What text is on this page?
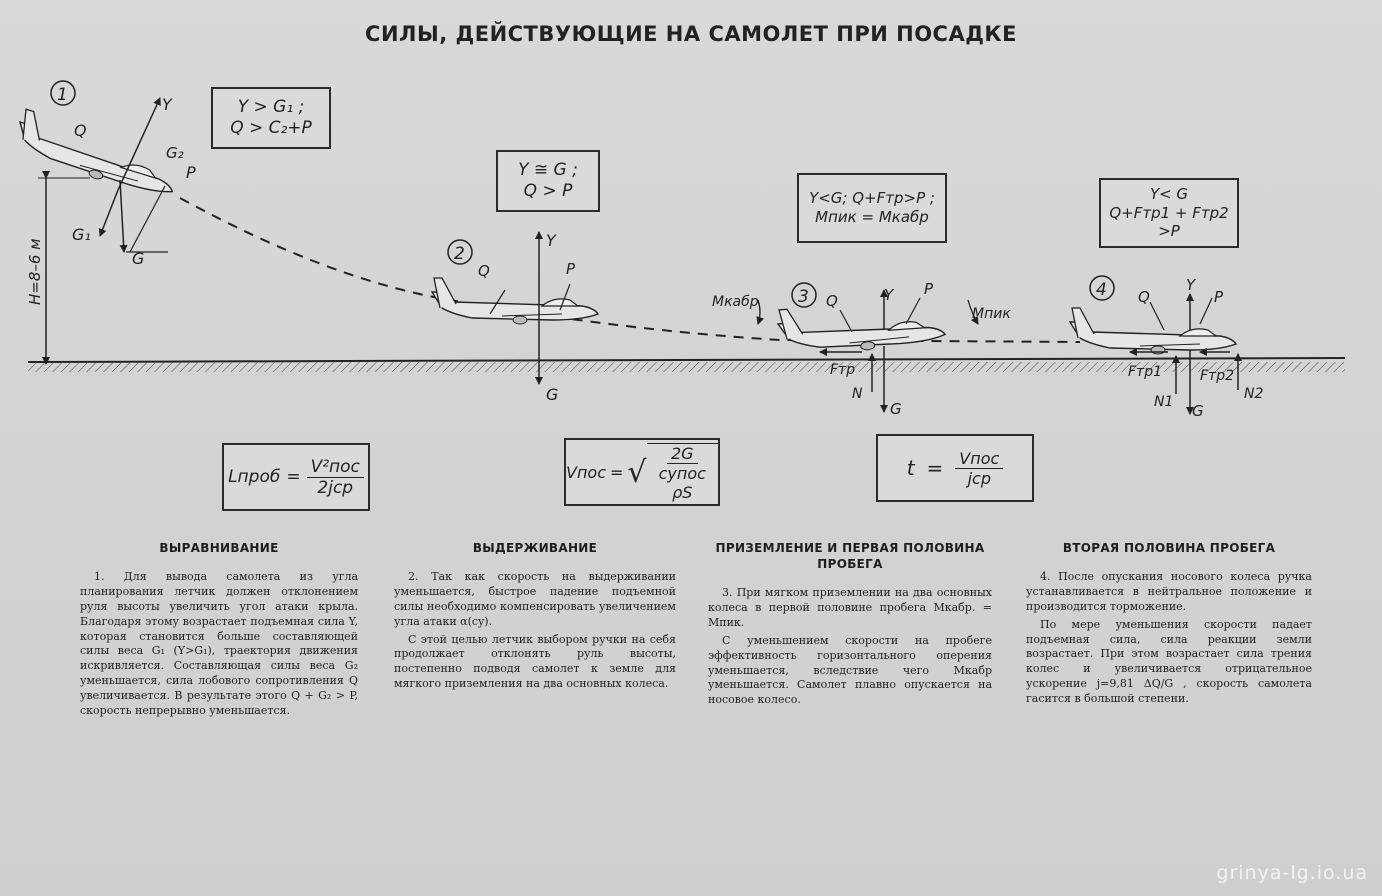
СИЛЫ, ДЕЙСТВУЮЩИЕ НА САМОЛЕТ ПРИ ПОСАДКЕ
H=8–6 м
1	Y
Q
G₂
P
G₁
G	2
Y
Q	P
G
3
Mкабр	Q	Y P
Mпик
Fтр
N
G
4 Q
Y
P
Fтр1	Fтр2
N1 G
N2
Y > G₁ ;
Q > C₂+P
Y ≅ G ;
Q > P	Y<G; Q+Fтр>P ;
Mпик = Mкабр
Y< G
Q+Fтр1 + Fтр2 >P
Lпроб =
V²пос
2jср
Vпос = √
2G
cyпос ρS
t = Vпос
jср
ВЫРАВНИВАНИЕ

1. Для вывода самолета из угла планирования летчик должен отклонением руля высоты увеличить угол атаки крыла. Благодаря этому возрастает подъемная сила Y, которая становится больше составляющей силы веса G₁ (Y>G₁), траектория движения искривляется. Составляющая силы веса G₂ уменьшается, сила лобового сопротивления Q увеличивается. В результате этого Q + G₂ > P, скорость непрерывно уменьшается.

ВЫДЕРЖИВАНИЕ

2. Так как скорость на выдерживании уменьшается, быстрое падение подъемной силы необходимо компенсировать увеличением угла атаки α(cy).

С этой целью летчик выбором ручки на себя продолжает отклонять руль высоты, постепенно подводя самолет к земле для мягкого приземления на два основных колеса.

ПРИЗЕМЛЕНИЕ И ПЕРВАЯ ПОЛОВИНА ПРОБЕГА

3. При мягком приземлении на два основных колеса в первой половине пробега Mкабр. = Mпик.

С уменьшением скорости на пробеге эффективность горизонтального оперения уменьшается, вследствие чего Mкабр уменьшается. Самолет плавно опускается на носовое колесо.

ВТОРАЯ ПОЛОВИНА ПРОБЕГА

4. После опускания носового колеса ручка устанавливается в нейтральное положение и производится торможение.

По мере уменьшения скорости падает подъемная сила, сила реакции земли возрастает. При этом возрастает сила трения колес и увеличивается отрицательное ускорение j=9,81 ΔQ/G , скорость самолета гасится в большой степени.

grinya-lg.io.ua
